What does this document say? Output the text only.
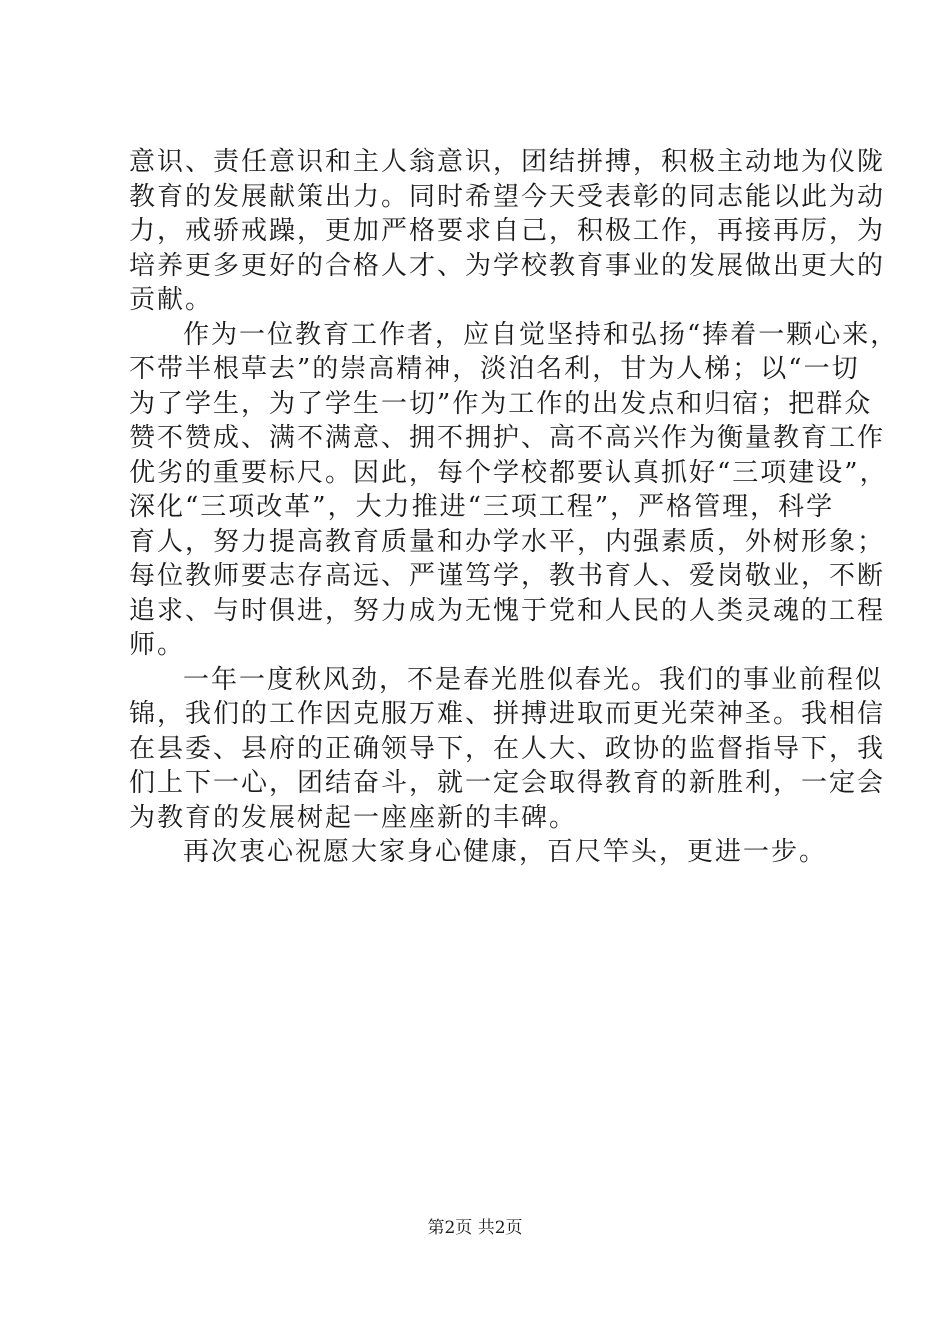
意识、责任意识和主人翁意识，团结拼搏，积极主动地为仪陇
教育的发展献策出力。同时希望今天受表彰的同志能以此为动
力，戒骄戒躁，更加严格要求自己，积极工作，再接再厉，为
培养更多更好的合格人才、为学校教育事业的发展做出更大的
贡献。
作为一位教育工作者，应自觉坚持和弘扬“捧着一颗心来，
不带半根草去”的崇高精神，淡泊名利，甘为人梯；以“一切
为了学生，为了学生一切”作为工作的出发点和归宿；把群众
赞不赞成、满不满意、拥不拥护、高不高兴作为衡量教育工作
优劣的重要标尺。因此，每个学校都要认真抓好“三项建设”，
深化“三项改革”，大力推进“三项工程”，严格管理，科学
育人，努力提高教育质量和办学水平，内强素质，外树形象；
每位教师要志存高远、严谨笃学，教书育人、爱岗敬业，不断
追求、与时俱进，努力成为无愧于党和人民的人类灵魂的工程
师。
一年一度秋风劲，不是春光胜似春光。我们的事业前程似
锦，我们的工作因克服万难、拼搏进取而更光荣神圣。我相信
在县委、县府的正确领导下，在人大、政协的监督指导下，我
们上下一心，团结奋斗，就一定会取得教育的新胜利，一定会
为教育的发展树起一座座新的丰碑。
再次衷心祝愿大家身心健康，百尺竿头，更进一步。
第2页 共2页
